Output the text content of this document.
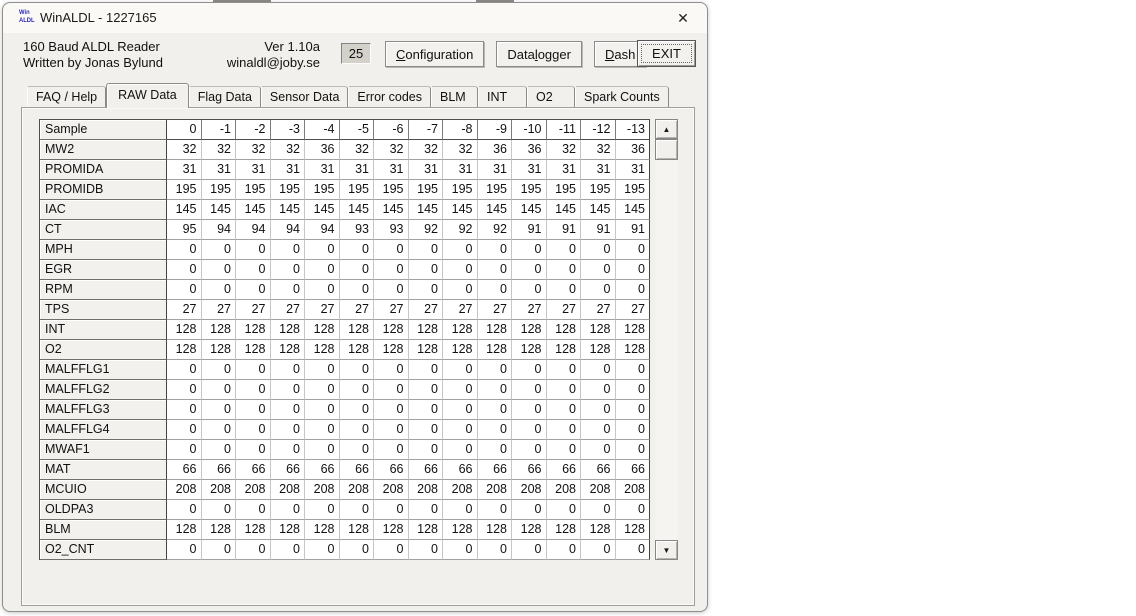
Win
ALDL WinALDL - 1227165	✕
160 Baud ALDL Reader
Written by Jonas Bylund
Ver 1.10a
winaldl@joby.se
25	Configuration	Datalogger	Dash	EXIT
FAQ / Help	RAW Data	Flag Data	Sensor Data	Error codes	BLM	INT	O2	Spark Counts
Sample	0	-1	-2	-3	-4	-5	-6	-7	-8	-9	-10	-11	-12	-13
MW2	32	32	32	32	36	32	32	32	32	36	36	32	32	36
PROMIDA	31	31	31	31	31	31	31	31	31	31	31	31	31	31
PROMIDB	195	195	195	195	195	195	195	195	195	195	195	195	195	195
IAC	145	145	145	145	145	145	145	145	145	145	145	145	145	145
CT	95	94	94	94	94	93	93	92	92	92	91	91	91	91
MPH	0	0	0	0	0	0	0	0	0	0	0	0	0	0
EGR	0	0	0	0	0	0	0	0	0	0	0	0	0	0
RPM	0	0	0	0	0	0	0	0	0	0	0	0	0	0
TPS	27	27	27	27	27	27	27	27	27	27	27	27	27	27
INT	128	128	128	128	128	128	128	128	128	128	128	128	128	128
O2	128	128	128	128	128	128	128	128	128	128	128	128	128	128
MALFFLG1	0	0	0	0	0	0	0	0	0	0	0	0	0	0
MALFFLG2	0	0	0	0	0	0	0	0	0	0	0	0	0	0
MALFFLG3	0	0	0	0	0	0	0	0	0	0	0	0	0	0
MALFFLG4	0	0	0	0	0	0	0	0	0	0	0	0	0	0
MWAF1	0	0	0	0	0	0	0	0	0	0	0	0	0	0
MAT	66	66	66	66	66	66	66	66	66	66	66	66	66	66
MCUIO	208	208	208	208	208	208	208	208	208	208	208	208	208	208
OLDPA3	0	0	0	0	0	0	0	0	0	0	0	0	0	0
BLM	128	128	128	128	128	128	128	128	128	128	128	128	128	128
O2_CNT	0	0	0	0	0	0	0	0	0	0	0	0	0	0
▲
▼
